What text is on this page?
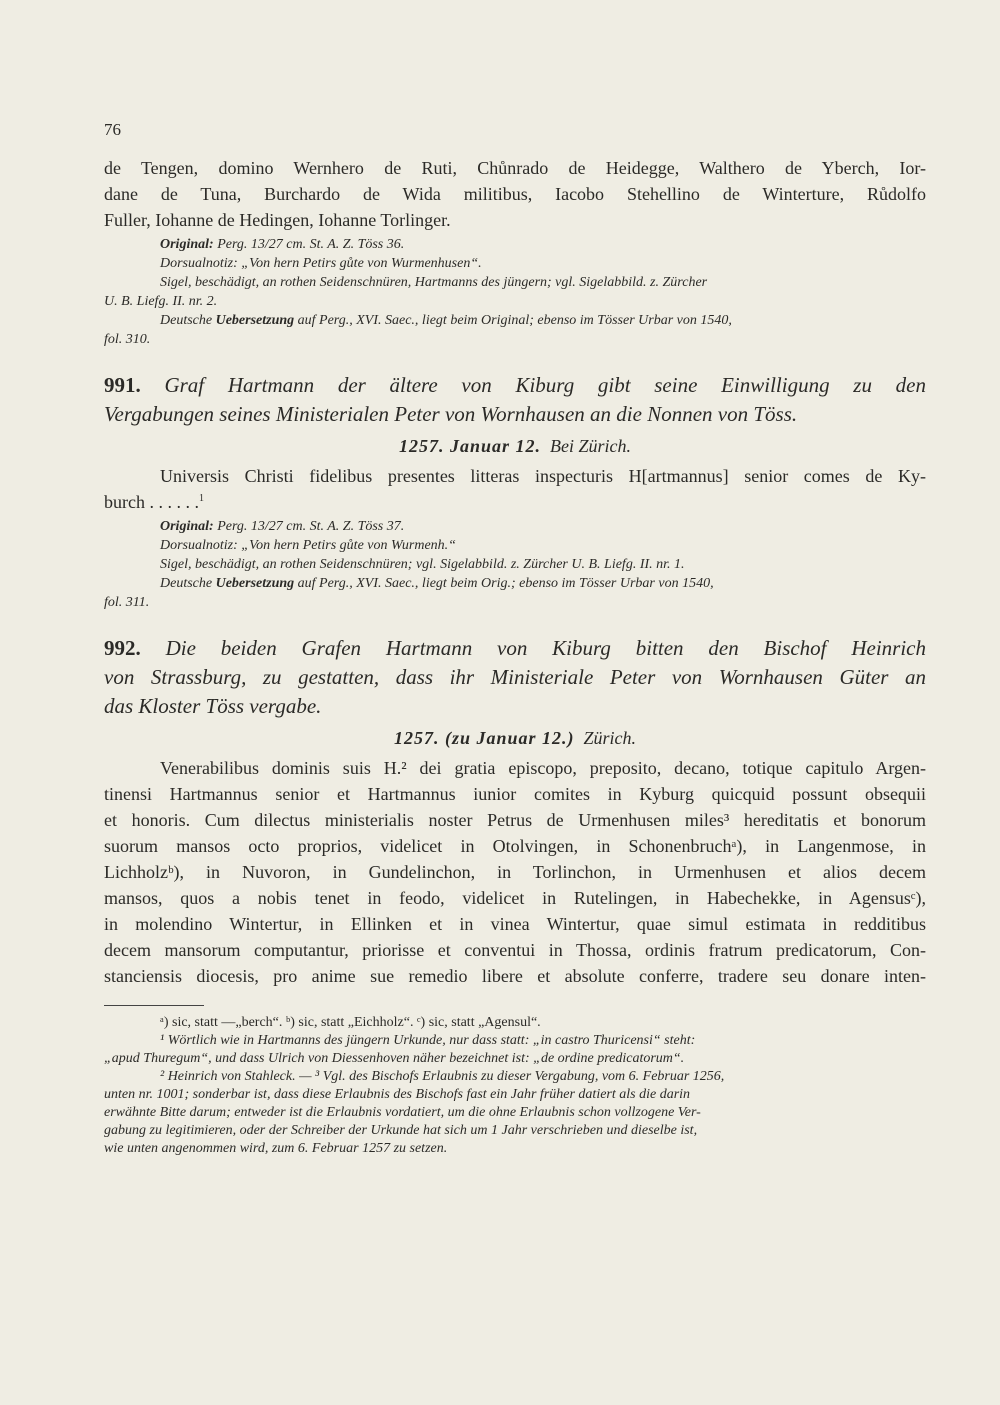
76
de Tengen, domino Wernhero de Ruti, Chůnrado de Heidegge, Walthero de Yberch, Ior-
dane de Tuna, Burchardo de Wida militibus, Iacobo Stehellino de Winterture, Růdolfo
Fuller, Iohanne de Hedingen, Iohanne Torlinger.
Original: Perg. 13/27 cm. St. A. Z. Töss 36.
Dorsualnotiz: „Von hern Petirs gůte von Wurmenhusen“.
Sigel, beschädigt, an rothen Seidenschnüren, Hartmanns des jüngern; vgl. Sigelabbild. z. Zürcher
U. B. Liefg. II. nr. 2.
Deutsche Uebersetzung auf Perg., XVI. Saec., liegt beim Original; ebenso im Tösser Urbar von 1540,
fol. 310.
991. Graf Hartmann der ältere von Kiburg gibt seine Einwilligung zu den
Vergabungen seines Ministerialen Peter von Wornhausen an die Nonnen von Töss.
1257. Januar 12. Bei Zürich.
Universis Christi fidelibus presentes litteras inspecturis H[artmannus] senior comes de Ky-
burch . . . . . .$^1$
Original: Perg. 13/27 cm. St. A. Z. Töss 37.
Dorsualnotiz: „Von hern Petirs gůte von Wurmenh.“
Sigel, beschädigt, an rothen Seidenschnüren; vgl. Sigelabbild. z. Zürcher U. B. Liefg. II. nr. 1.
Deutsche Uebersetzung auf Perg., XVI. Saec., liegt beim Orig.; ebenso im Tösser Urbar von 1540,
fol. 311.
992. Die beiden Grafen Hartmann von Kiburg bitten den Bischof Heinrich
von Strassburg, zu gestatten, dass ihr Ministeriale Peter von Wornhausen Güter an
das Kloster Töss vergabe.
1257. (zu Januar 12.) Zürich.
Venerabilibus dominis suis H.² dei gratia episcopo, preposito, decano, totique capitulo Argen-
tinensi Hartmannus senior et Hartmannus iunior comites in Kyburg quicquid possunt obsequii
et honoris. Cum dilectus ministerialis noster Petrus de Urmenhusen miles³ hereditatis et bonorum
suorum mansos octo proprios, videlicet in Otolvingen, in Schonenbruchᵃ), in Langenmose, in
Lichholzᵇ), in Nuvoron, in Gundelinchon, in Torlinchon, in Urmenhusen et alios decem
mansos, quos a nobis tenet in feodo, videlicet in Rutelingen, in Habechekke, in Agensusᶜ),
in molendino Wintertur, in Ellinken et in vinea Wintertur, quae simul estimata in redditibus
decem mansorum computantur, priorisse et conventui in Thossa, ordinis fratrum predicatorum, Con-
stanciensis diocesis, pro anime sue remedio libere et absolute conferre, tradere seu donare inten-
ᵃ) sic, statt —„berch“. ᵇ) sic, statt „Eichholz“. ᶜ) sic, statt „Agensul“.
¹ Wörtlich wie in Hartmanns des jüngern Urkunde, nur dass statt: „in castro Thuricensi“ steht:
„apud Thuregum“, und dass Ulrich von Diessenhoven näher bezeichnet ist: „de ordine predicatorum“.
² Heinrich von Stahleck. — ³ Vgl. des Bischofs Erlaubnis zu dieser Vergabung, vom 6. Februar 1256,
unten nr. 1001; sonderbar ist, dass diese Erlaubnis des Bischofs fast ein Jahr früher datiert als die darin
erwähnte Bitte darum; entweder ist die Erlaubnis vordatiert, um die ohne Erlaubnis schon vollzogene Ver-
gabung zu legitimieren, oder der Schreiber der Urkunde hat sich um 1 Jahr verschrieben und dieselbe ist,
wie unten angenommen wird, zum 6. Februar 1257 zu setzen.
